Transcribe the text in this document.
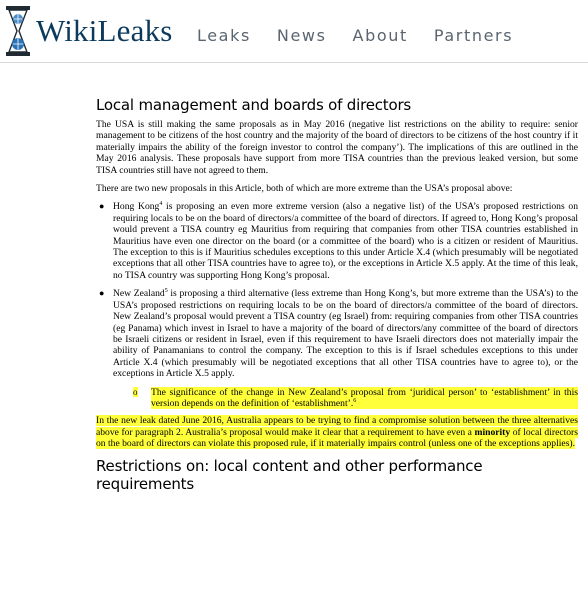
WikiLeaks Leaks News About Partners
Local management and boards of directors

The USA is still making the same proposals as in May 2016 (negative list restrictions on the ability to require: senior management to be citizens of the host country and the majority of the board of directors to be citizens of the host country if it materially impairs the ability of the foreign investor to control the company’). The implications of this are outlined in the May 2016 analysis. These proposals have support from more TISA countries than the previous leaked version, but some TISA countries still have not agreed to them.

There are two new proposals in this Article, both of which are more extreme than the USA’s proposal above:

● Hong Kong$^4$ is proposing an even more extreme version (also a negative list) of the USA’s proposed restrictions on requiring locals to be on the board of directors/a committee of the board of directors. If agreed to, Hong Kong’s proposal would prevent a TISA country eg Mauritius from requiring that companies from other TISA countries established in Mauritius have even one director on the board (or a committee of the board) who is a citizen or resident of Mauritius. The exception to this is if Mauritius schedules exceptions to this under Article X.4 (which presumably will be negotiated exceptions that all other TISA countries have to agree to), or the exceptions in Article X.5 apply. At the time of this leak, no TISA country was supporting Hong Kong’s proposal.

● New Zealand$^5$ is proposing a third alternative (less extreme than Hong Kong’s, but more extreme than the USA’s) to the USA’s proposed restrictions on requiring locals to be on the board of directors/a committee of the board of directors. New Zealand’s proposal would prevent a TISA country (eg Israel) from: requiring companies from other TISA countries (eg Panama) which invest in Israel to have a majority of the board of directors/any committee of the board of directors be Israeli citizens or resident in Israel, even if this requirement to have Israeli directors does not materially impair the ability of Panamanians to control the company. The exception to this is if Israel schedules exceptions to this under Article X.4 (which presumably will be negotiated exceptions that all other TISA countries have to agree to), or the exceptions in Article X.5 apply.

o The significance of the change in New Zealand’s proposal from ‘juridical person’ to ‘establishment’ in this version depends on the definition of ‘establishment’.$^6$

In the new leak dated June 2016, Australia appears to be trying to find a compromise solution between the three alternatives above for paragraph 2. Australia’s proposal would make it clear that a requirement to have even a minority of local directors on the board of directors can violate this proposed rule, if it materially impairs control (unless one of the exceptions applies).

Restrictions on: local content and other performance requirements
